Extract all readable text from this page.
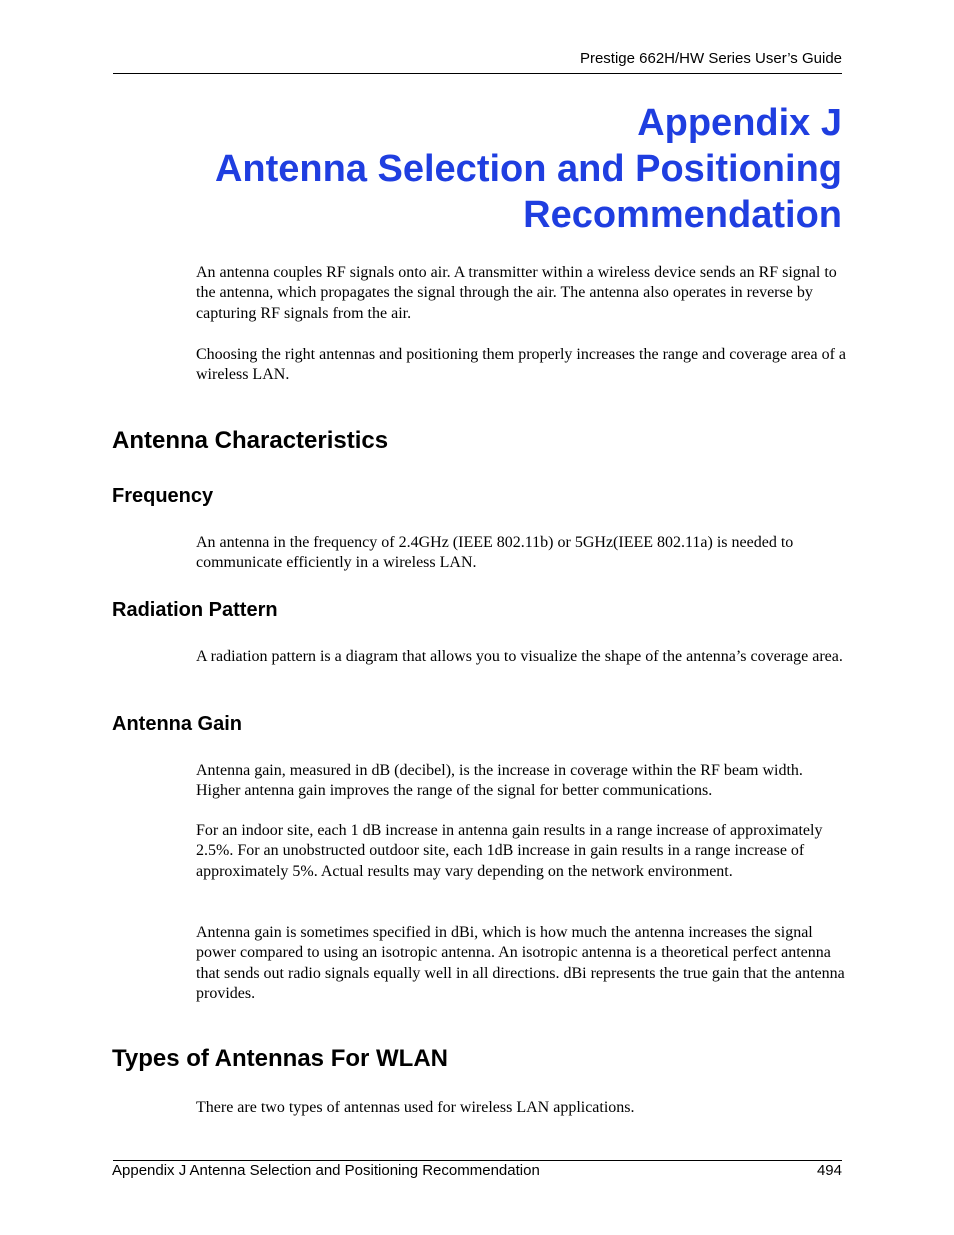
Prestige 662H/HW Series User’s Guide
Appendix J
Antenna Selection and Positioning
Recommendation

An antenna couples RF signals onto air. A transmitter within a wireless device sends an RF signal to the antenna, which propagates the signal through the air. The antenna also operates in reverse by capturing RF signals from the air.

Choosing the right antennas and positioning them properly increases the range and coverage area of a wireless LAN.

Antenna Characteristics
Frequency

An antenna in the frequency of 2.4GHz (IEEE 802.11b) or 5GHz(IEEE 802.11a) is needed to communicate efficiently in a wireless LAN.

Radiation Pattern

A radiation pattern is a diagram that allows you to visualize the shape of the antenna’s coverage area.

Antenna Gain

Antenna gain, measured in dB (decibel), is the increase in coverage within the RF beam width. Higher antenna gain improves the range of the signal for better communications.

For an indoor site, each 1 dB increase in antenna gain results in a range increase of approximately 2.5%. For an unobstructed outdoor site, each 1dB increase in gain results in a range increase of approximately 5%. Actual results may vary depending on the network environment.

Antenna gain is sometimes specified in dBi, which is how much the antenna increases the signal power compared to using an isotropic antenna. An isotropic antenna is a theoretical perfect antenna that sends out radio signals equally well in all directions. dBi represents the true gain that the antenna provides.

Types of Antennas For WLAN

There are two types of antennas used for wireless LAN applications.

Appendix J Antenna Selection and Positioning Recommendation	494
